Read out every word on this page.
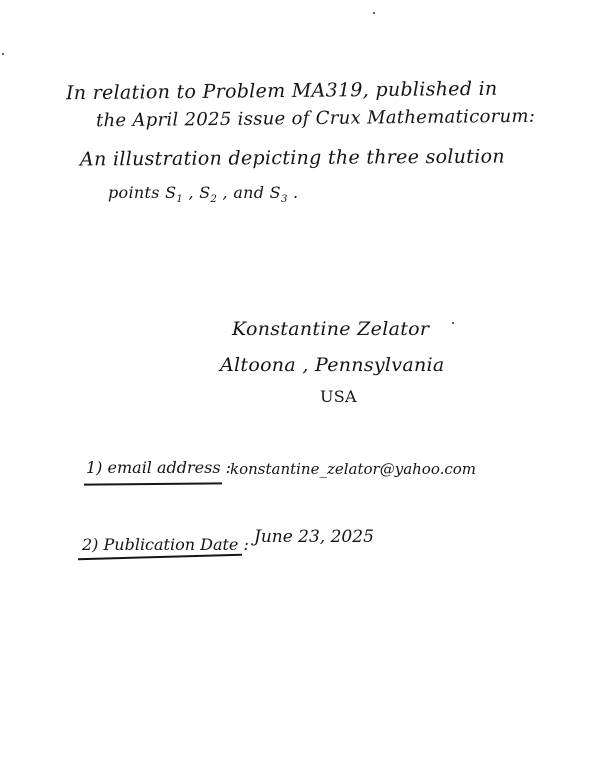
In relation to Problem MA319, published in
the April 2025 issue of Crux Mathematicorum:
An illustration depicting the three solution
points $S_1$ , $S_2$ , and $S_3$ .
Konstantine Zelator
Altoona , Pennsylvania
USA
1) email address :
konstantine_zelator@yahoo.com
2) Publication Date : June 23, 2025
